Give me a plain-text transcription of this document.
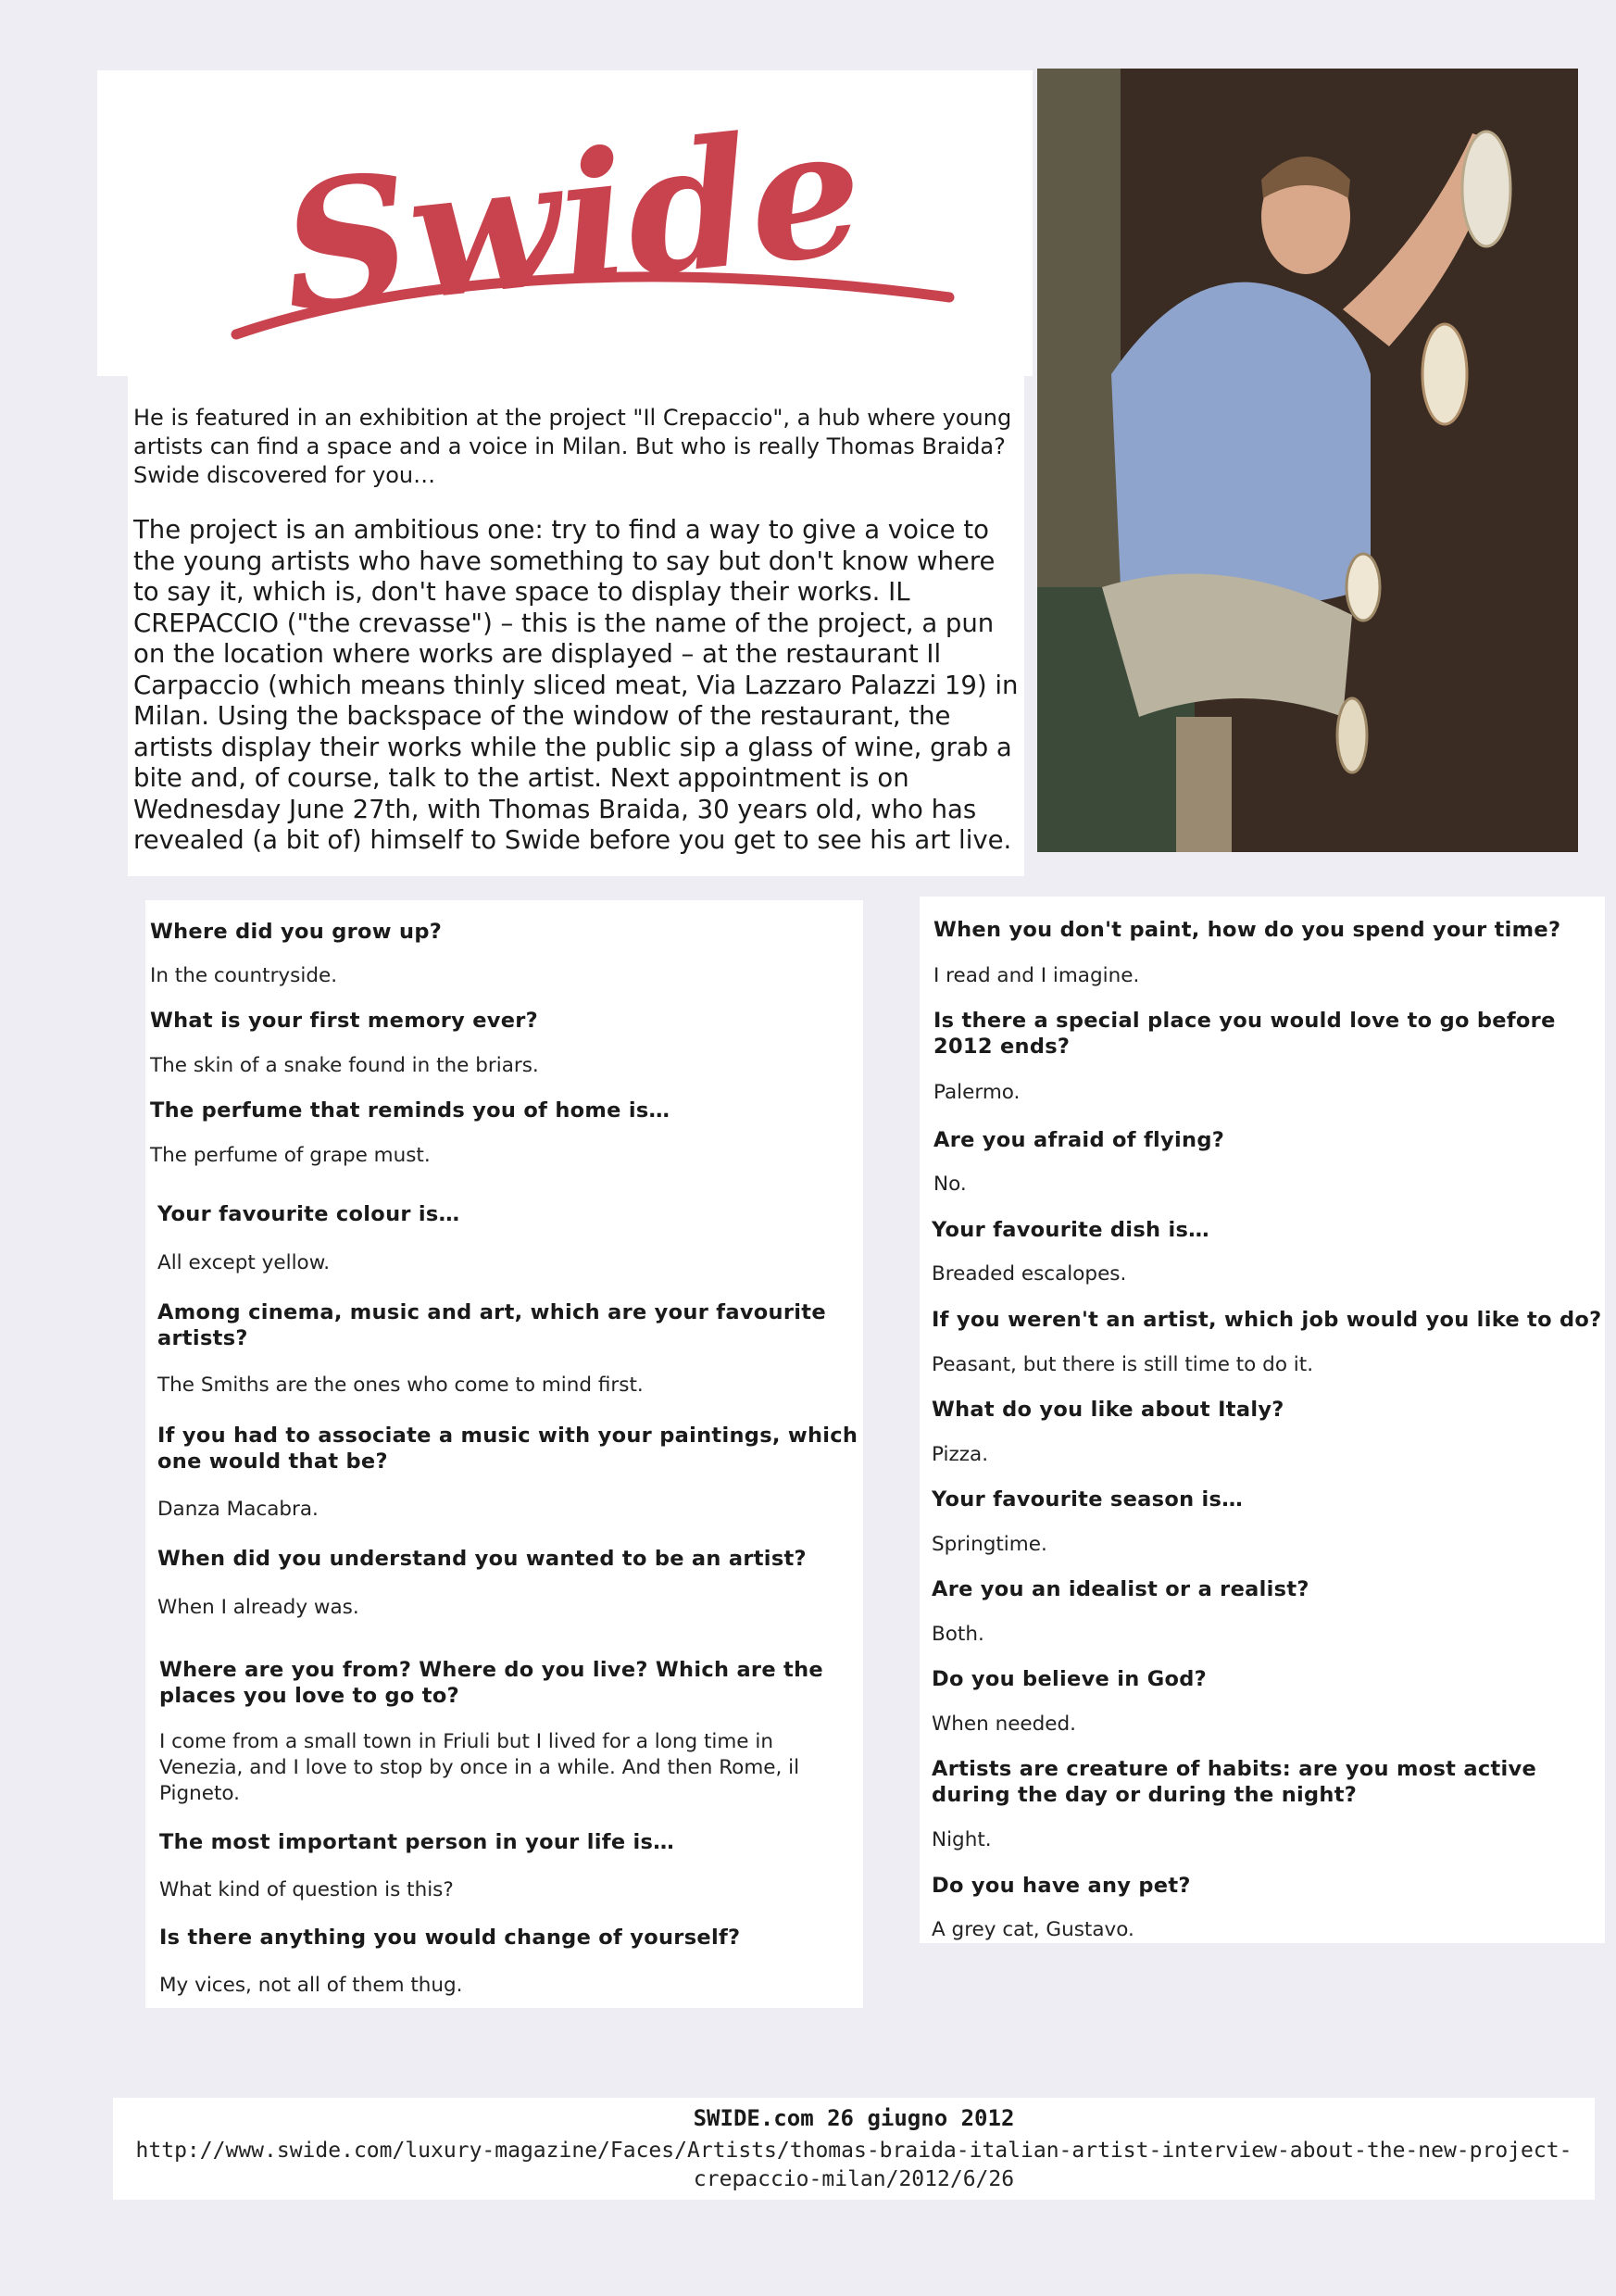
Swide
He is featured in an exhibition at the project "Il Crepaccio", a hub where young artists can find a space and a voice in Milan. But who is really Thomas Braida? Swide discovered for you…
The project is an ambitious one: try to find a way to give a voice to the young artists who have something to say but don't know where to say it, which is, don't have space to display their works. IL CREPACCIO ("the crevasse") – this is the name of the project, a pun on the location where works are displayed – at the restaurant Il Carpaccio (which means thinly sliced meat, Via Lazzaro Palazzi 19) in Milan. Using the backspace of the window of the restaurant, the artists display their works while the public sip a glass of wine, grab a bite and, of course, talk to the artist. Next appointment is on Wednesday June 27th, with Thomas Braida, 30 years old, who has revealed (a bit of) himself to Swide before you get to see his art live.
Where did you grow up?
In the countryside.
What is your first memory ever?
The skin of a snake found in the briars.
The perfume that reminds you of home is…
The perfume of grape must.
Your favourite colour is…
All except yellow.
Among cinema, music and art, which are your favourite artists?
The Smiths are the ones who come to mind first.
If you had to associate a music with your paintings, which one would that be?
Danza Macabra.
When did you understand you wanted to be an artist?
When I already was.
Where are you from? Where do you live? Which are the places you love to go to?
I come from a small town in Friuli but I lived for a long time in Venezia, and I love to stop by once in a while. And then Rome, il Pigneto.
The most important person in your life is…
What kind of question is this?
Is there anything you would change of yourself?
My vices, not all of them thug.
When you don't paint, how do you spend your time?
I read and I imagine.
Is there a special place you would love to go before 2012 ends?
Palermo.
Are you afraid of flying?
No.
Your favourite dish is…
Breaded escalopes.
If you weren't an artist, which job would you like to do?
Peasant, but there is still time to do it.
What do you like about Italy?
Pizza.
Your favourite season is…
Springtime.
Are you an idealist or a realist?
Both.
Do you believe in God?
When needed.
Artists are creature of habits: are you most active during the day or during the night?
Night.
Do you have any pet?
A grey cat, Gustavo.
SWIDE.com 26 giugno 2012
http://www.swide.com/luxury-magazine/Faces/Artists/thomas-braida-italian-artist-interview-about-the-new-project-crepaccio-milan/2012/6/26
